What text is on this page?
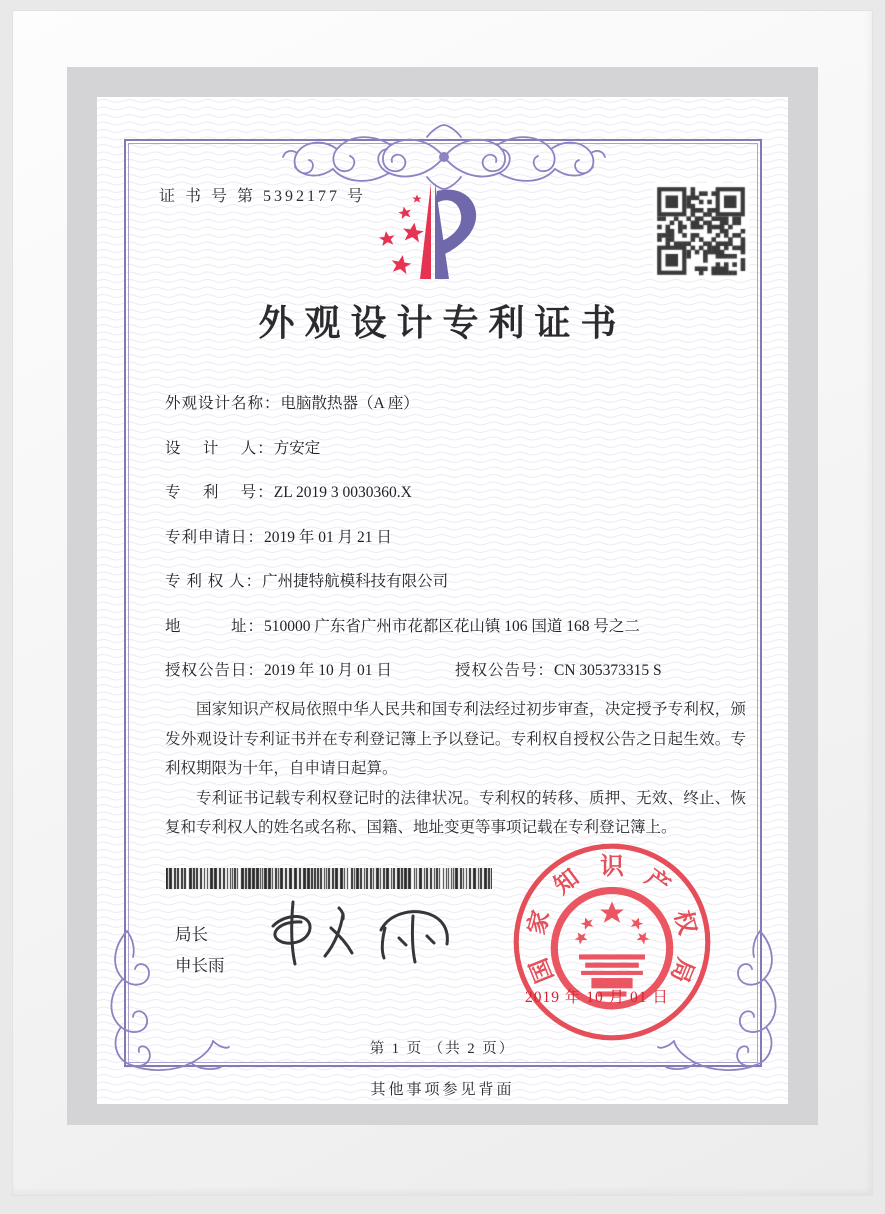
证 书 号 第 5392177 号
外观设计专利证书
外观设计名称：电脑散热器（A 座）
设　 计　 人：方安定
专　 利　 号：ZL 2019 3 0030360.X
专利申请日：2019 年 01 月 21 日
专 利 权 人：广州捷特航模科技有限公司
地　　　址：510000 广东省广州市花都区花山镇 106 国道 168 号之二
授权公告日：2019 年 10 月 01 日	授权公告号：CN 305373315 S

国家知识产权局依照中华人民共和国专利法经过初步审查，决定授予专利权，颁发外观设计专利证书并在专利登记簿上予以登记。专利权自授权公告之日起生效。专利权期限为十年，自申请日起算。

专利证书记载专利权登记时的法律状况。专利权的转移、质押、无效、终止、恢复和专利权人的姓名或名称、国籍、地址变更等事项记载在专利登记簿上。

局长
申长雨
2019 年 10 月 01 日
国
家
知 识 产
权
局
第 1 页 （共 2 页）
其他事项参见背面
